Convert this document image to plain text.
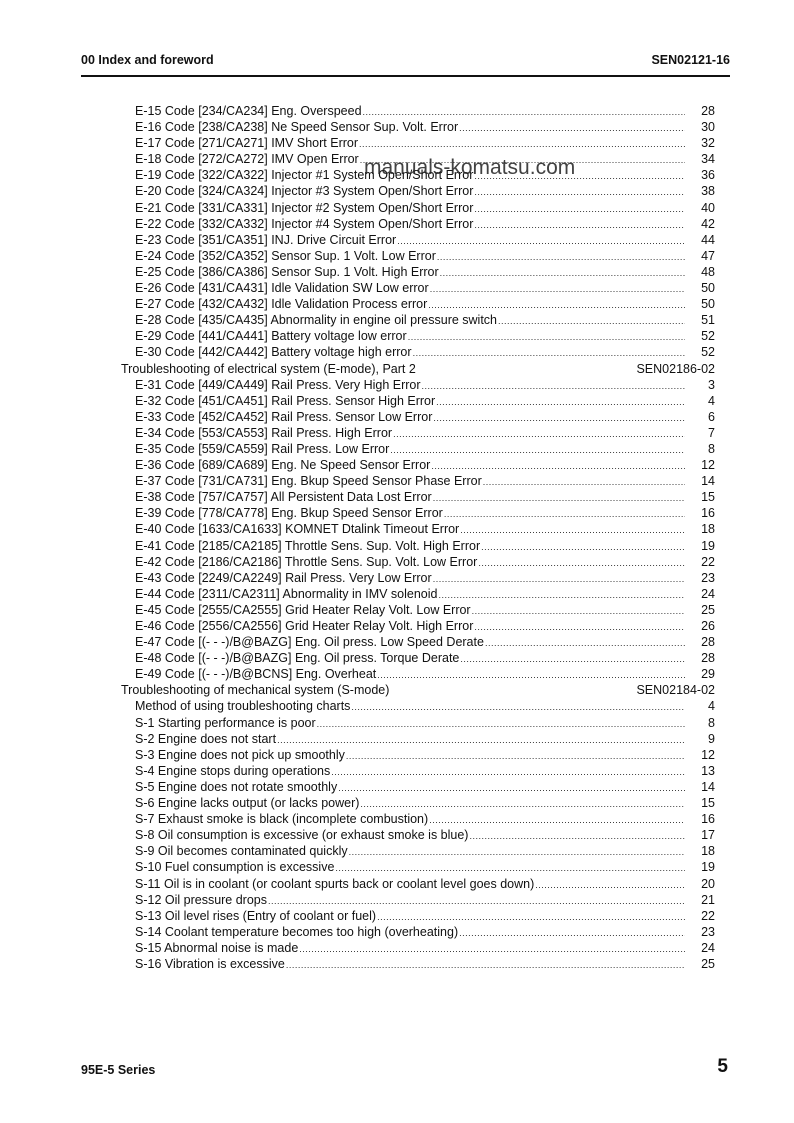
00 Index and foreword	SEN02121-16
E-15 Code [234/CA234] Eng. Overspeed .....	28
E-16 Code [238/CA238] Ne Speed Sensor Sup. Volt. Error .....	30
E-17 Code [271/CA271] IMV Short Error .....	32
E-18 Code [272/CA272] IMV Open Error .....	34
E-19 Code [322/CA322] Injector #1 System Open/Short Error .....	36
E-20 Code [324/CA324] Injector #3 System Open/Short Error .....	38
E-21 Code [331/CA331] Injector #2 System Open/Short Error .....	40
E-22 Code [332/CA332] Injector #4 System Open/Short Error .....	42
E-23 Code [351/CA351] INJ. Drive Circuit Error .....	44
E-24 Code [352/CA352] Sensor Sup. 1 Volt. Low Error .....	47
E-25 Code [386/CA386] Sensor Sup. 1 Volt. High Error .....	48
E-26 Code [431/CA431] Idle Validation SW Low error .....	50
E-27 Code [432/CA432] Idle Validation Process error .....	50
E-28 Code [435/CA435] Abnormality in engine oil pressure switch .....	51
E-29 Code [441/CA441] Battery voltage low error .....	52
E-30 Code [442/CA442] Battery voltage high error .....	52
Troubleshooting of electrical system (E-mode), Part 2	SEN02186-02
E-31 Code [449/CA449] Rail Press. Very High Error .....	3
E-32 Code [451/CA451] Rail Press. Sensor High Error .....	4
E-33 Code [452/CA452] Rail Press. Sensor Low Error .....	6
E-34 Code [553/CA553] Rail Press. High Error .....	7
E-35 Code [559/CA559] Rail Press. Low Error .....	8
E-36 Code [689/CA689] Eng. Ne Speed Sensor Error .....	12
E-37 Code [731/CA731] Eng. Bkup Speed Sensor Phase Error .....	14
E-38 Code [757/CA757] All Persistent Data Lost Error .....	15
E-39 Code [778/CA778] Eng. Bkup Speed Sensor Error .....	16
E-40 Code [1633/CA1633] KOMNET Dtalink Timeout Error .....	18
E-41 Code [2185/CA2185] Throttle Sens. Sup. Volt. High Error .....	19
E-42 Code [2186/CA2186] Throttle Sens. Sup. Volt. Low Error .....	22
E-43 Code [2249/CA2249] Rail Press. Very Low Error .....	23
E-44 Code [2311/CA2311] Abnormality in IMV solenoid .....	24
E-45 Code [2555/CA2555] Grid Heater Relay Volt. Low Error .....	25
E-46 Code [2556/CA2556] Grid Heater Relay Volt. High Error .....	26
E-47 Code [(- - -)/B@BAZG] Eng. Oil press. Low Speed Derate .....	28
E-48 Code [(- - -)/B@BAZG] Eng. Oil press. Torque Derate .....	28
E-49 Code [(- - -)/B@BCNS] Eng. Overheat .....	29
Troubleshooting of mechanical system (S-mode)	SEN02184-02
Method of using troubleshooting charts .....	4
S-1 Starting performance is poor .....	8
S-2 Engine does not start .....	9
S-3 Engine does not pick up smoothly .....	12
S-4 Engine stops during operations .....	13
S-5 Engine does not rotate smoothly .....	14
S-6 Engine lacks output (or lacks power) .....	15
S-7 Exhaust smoke is black (incomplete combustion) .....	16
S-8 Oil consumption is excessive (or exhaust smoke is blue) .....	17
S-9 Oil becomes contaminated quickly .....	18
S-10 Fuel consumption is excessive .....	19
S-11 Oil is in coolant (or coolant spurts back or coolant level goes down) .....	20
S-12 Oil pressure drops .....	21
S-13 Oil level rises (Entry of coolant or fuel) .....	22
S-14 Coolant temperature becomes too high (overheating) .....	23
S-15 Abnormal noise is made .....	24
S-16 Vibration is excessive .....	25
manuals-komatsu.com
95E-5 Series	5
